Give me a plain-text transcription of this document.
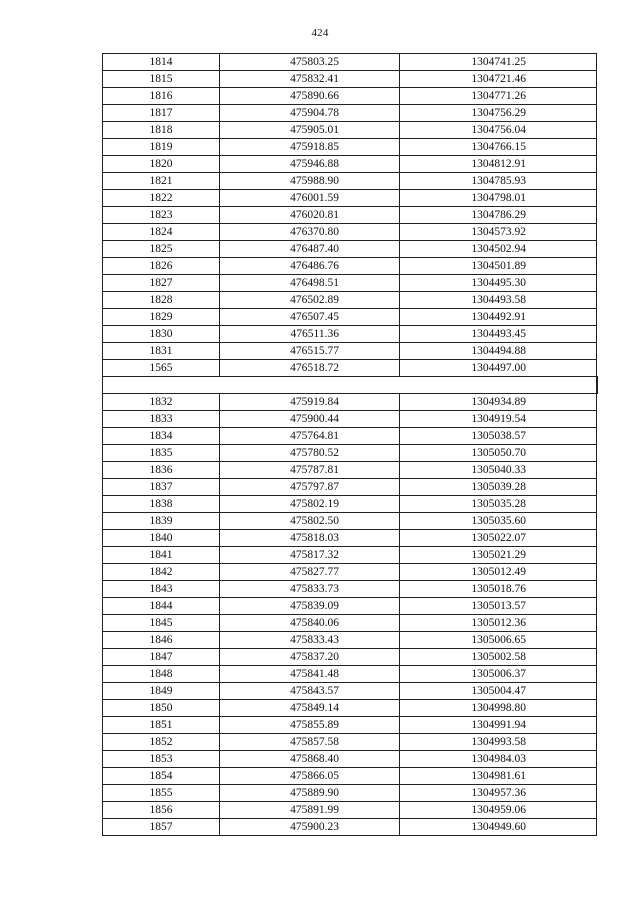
424
1814	475803.25	1304741.25
1815	475832.41	1304721.46
1816	475890.66	1304771.26
1817	475904.78	1304756.29
1818	475905.01	1304756.04
1819	475918.85	1304766.15
1820	475946.88	1304812.91
1821	475988.90	1304785.93
1822	476001.59	1304798.01
1823	476020.81	1304786.29
1824	476370.80	1304573.92
1825	476487.40	1304502.94
1826	476486.76	1304501.89
1827	476498.51	1304495.30
1828	476502.89	1304493.58
1829	476507.45	1304492.91
1830	476511.36	1304493.45
1831	476515.77	1304494.88
1565	476518.72	1304497.00

1832	475919.84	1304934.89
1833	475900.44	1304919.54
1834	475764.81	1305038.57
1835	475780.52	1305050.70
1836	475787.81	1305040.33
1837	475797.87	1305039.28
1838	475802.19	1305035.28
1839	475802.50	1305035.60
1840	475818.03	1305022.07
1841	475817.32	1305021.29
1842	475827.77	1305012.49
1843	475833.73	1305018.76
1844	475839.09	1305013.57
1845	475840.06	1305012.36
1846	475833.43	1305006.65
1847	475837.20	1305002.58
1848	475841.48	1305006.37
1849	475843.57	1305004.47
1850	475849.14	1304998.80
1851	475855.89	1304991.94
1852	475857.58	1304993.58
1853	475868.40	1304984.03
1854	475866.05	1304981.61
1855	475889.90	1304957.36
1856	475891.99	1304959.06
1857	475900.23	1304949.60
